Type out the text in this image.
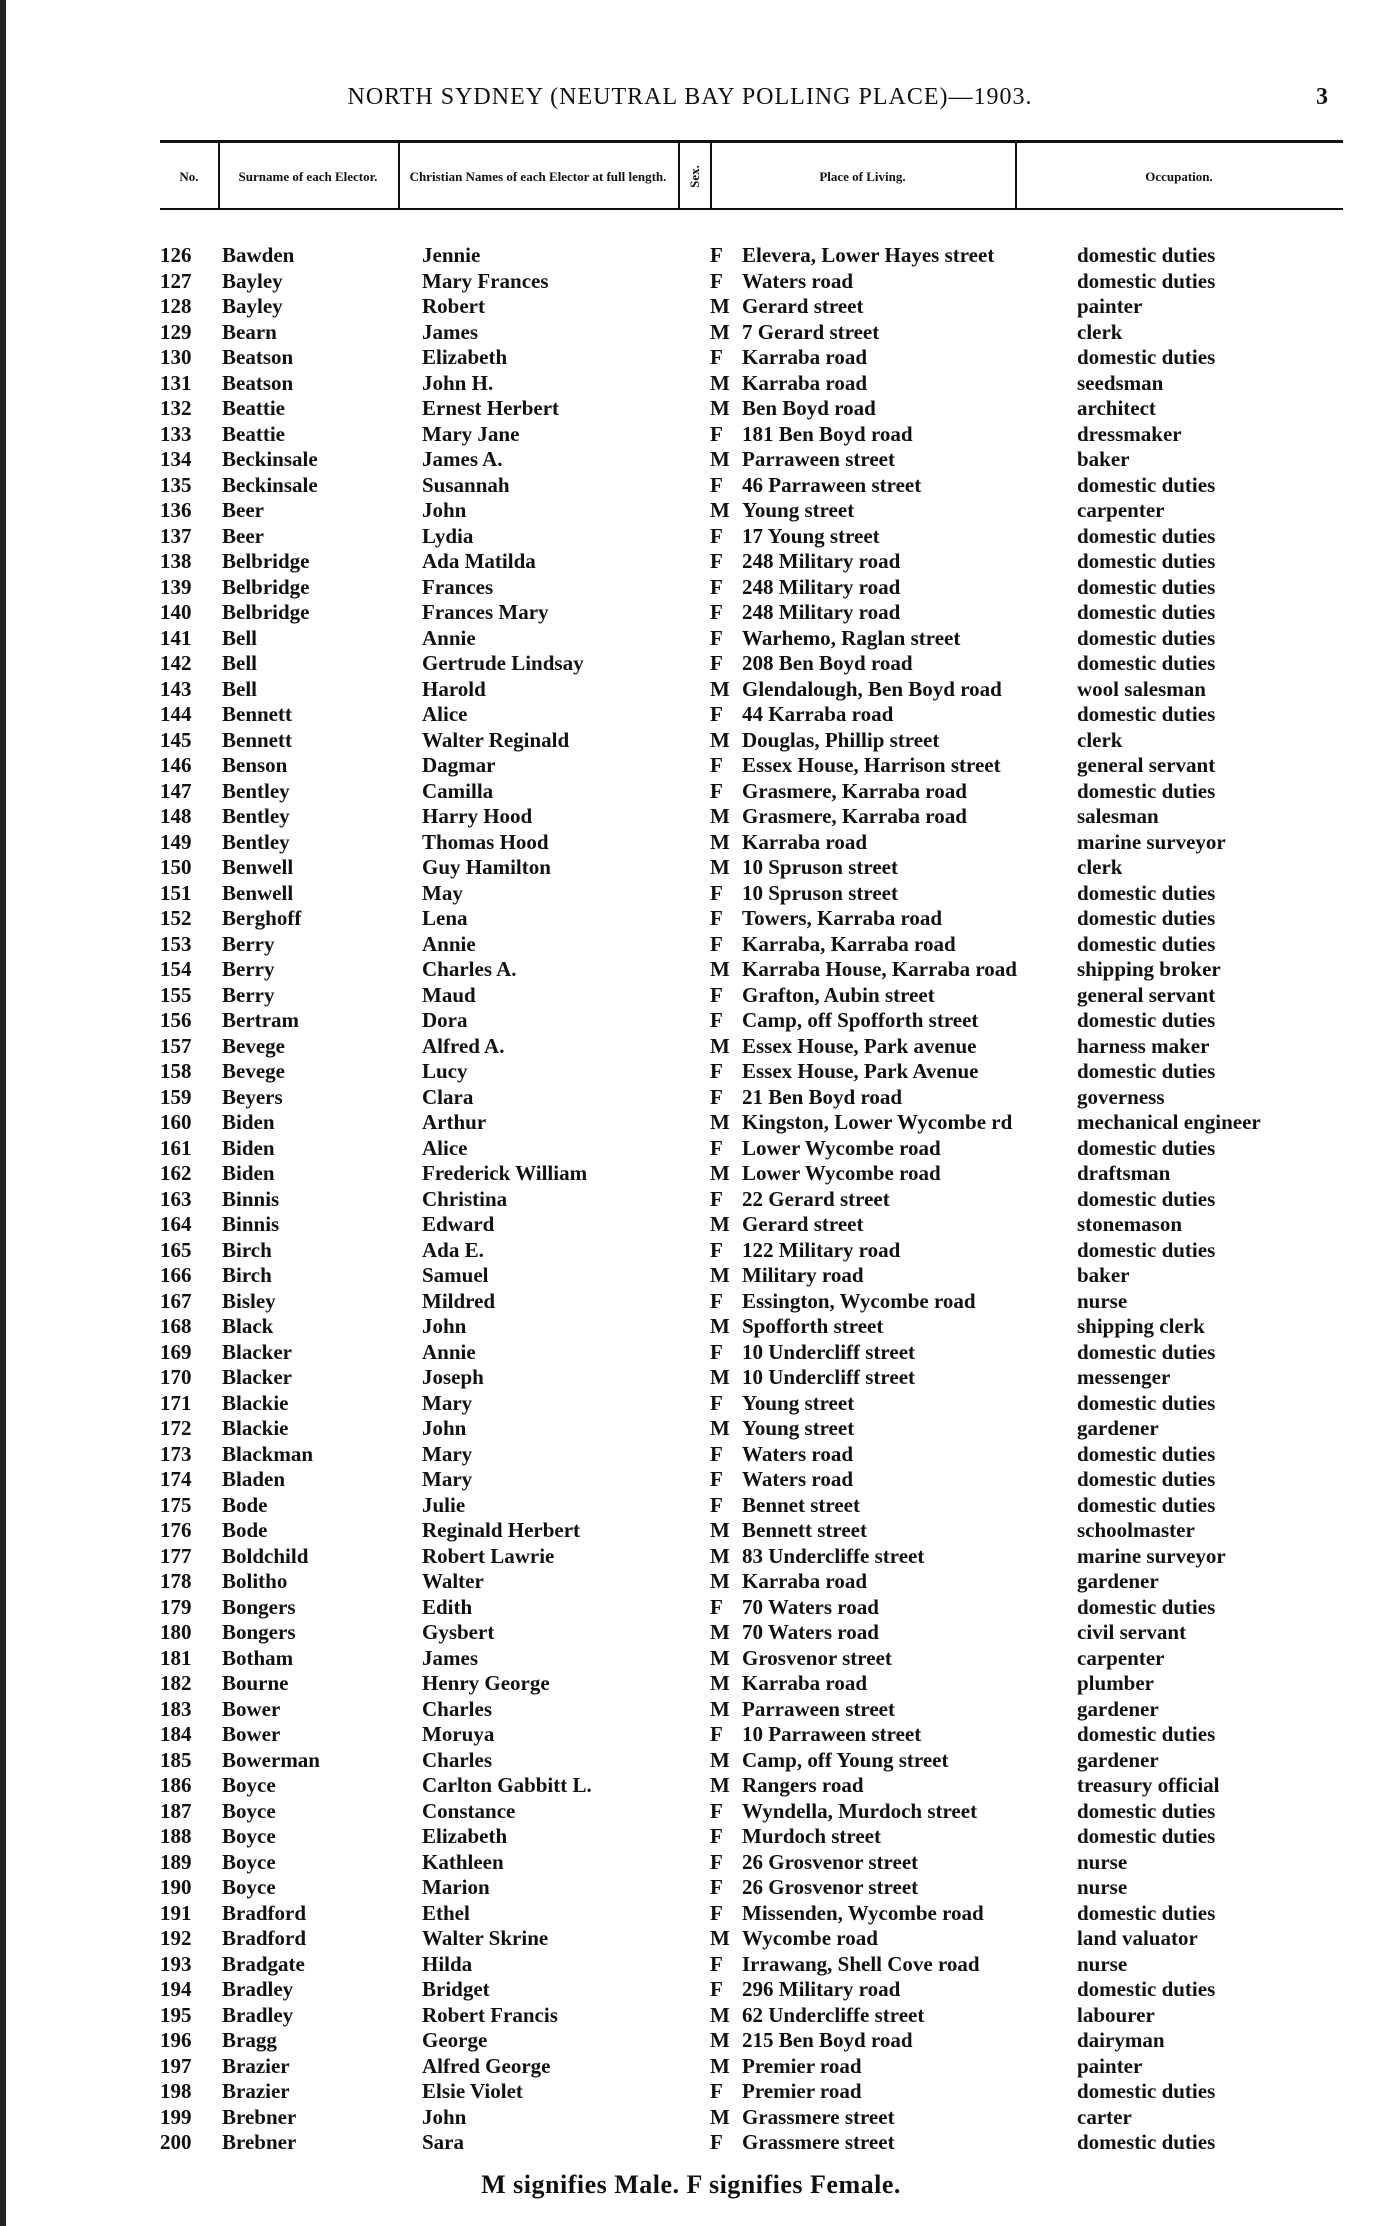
NORTH SYDNEY (NEUTRAL BAY POLLING PLACE)—1903.	3
No.	Surname of each Elector.	Christian Names of each Elector at full length.	Sex.	Place of Living.	Occupation.
126	Bawden	Jennie	F Elevera, Lower Hayes street	domestic duties
127	Bayley	Mary Frances	F Waters road	domestic duties
128	Bayley	Robert	M Gerard street	painter
129	Bearn	James	M 7 Gerard street	clerk
130	Beatson	Elizabeth	F Karraba road	domestic duties
131	Beatson	John H.	M Karraba road	seedsman
132	Beattie	Ernest Herbert	M Ben Boyd road	architect
133	Beattie	Mary Jane	F 181 Ben Boyd road	dressmaker
134	Beckinsale	James A.	M Parraween street	baker
135	Beckinsale	Susannah	F 46 Parraween street	domestic duties
136	Beer	John	M Young street	carpenter
137	Beer	Lydia	F 17 Young street	domestic duties
138	Belbridge	Ada Matilda	F 248 Military road	domestic duties
139	Belbridge	Frances	F 248 Military road	domestic duties
140	Belbridge	Frances Mary	F 248 Military road	domestic duties
141	Bell	Annie	F Warhemo, Raglan street	domestic duties
142	Bell	Gertrude Lindsay	F 208 Ben Boyd road	domestic duties
143	Bell	Harold	M Glendalough, Ben Boyd road	wool salesman
144	Bennett	Alice	F 44 Karraba road	domestic duties
145	Bennett	Walter Reginald	M Douglas, Phillip street	clerk
146	Benson	Dagmar	F Essex House, Harrison street	general servant
147	Bentley	Camilla	F Grasmere, Karraba road	domestic duties
148	Bentley	Harry Hood	M Grasmere, Karraba road	salesman
149	Bentley	Thomas Hood	M Karraba road	marine surveyor
150	Benwell	Guy Hamilton	M 10 Spruson street	clerk
151	Benwell	May	F 10 Spruson street	domestic duties
152	Berghoff	Lena	F Towers, Karraba road	domestic duties
153	Berry	Annie	F Karraba, Karraba road	domestic duties
154	Berry	Charles A.	M Karraba House, Karraba road	shipping broker
155	Berry	Maud	F Grafton, Aubin street	general servant
156	Bertram	Dora	F Camp, off Spofforth street	domestic duties
157	Bevege	Alfred A.	M Essex House, Park avenue	harness maker
158	Bevege	Lucy	F Essex House, Park Avenue	domestic duties
159	Beyers	Clara	F 21 Ben Boyd road	governess
160	Biden	Arthur	M Kingston, Lower Wycombe rd	mechanical engineer
161	Biden	Alice	F Lower Wycombe road	domestic duties
162	Biden	Frederick William	M Lower Wycombe road	draftsman
163	Binnis	Christina	F 22 Gerard street	domestic duties
164	Binnis	Edward	M Gerard street	stonemason
165	Birch	Ada E.	F 122 Military road	domestic duties
166	Birch	Samuel	M Military road	baker
167	Bisley	Mildred	F Essington, Wycombe road	nurse
168	Black	John	M Spofforth street	shipping clerk
169	Blacker	Annie	F 10 Undercliff street	domestic duties
170	Blacker	Joseph	M 10 Undercliff street	messenger
171	Blackie	Mary	F Young street	domestic duties
172	Blackie	John	M Young street	gardener
173	Blackman	Mary	F Waters road	domestic duties
174	Bladen	Mary	F Waters road	domestic duties
175	Bode	Julie	F Bennet street	domestic duties
176	Bode	Reginald Herbert	M Bennett street	schoolmaster
177	Boldchild	Robert Lawrie	M 83 Undercliffe street	marine surveyor
178	Bolitho	Walter	M Karraba road	gardener
179	Bongers	Edith	F 70 Waters road	domestic duties
180	Bongers	Gysbert	M 70 Waters road	civil servant
181	Botham	James	M Grosvenor street	carpenter
182	Bourne	Henry George	M Karraba road	plumber
183	Bower	Charles	M Parraween street	gardener
184	Bower	Moruya	F 10 Parraween street	domestic duties
185	Bowerman	Charles	M Camp, off Young street	gardener
186	Boyce	Carlton Gabbitt L.	M Rangers road	treasury official
187	Boyce	Constance	F Wyndella, Murdoch street	domestic duties
188	Boyce	Elizabeth	F Murdoch street	domestic duties
189	Boyce	Kathleen	F 26 Grosvenor street	nurse
190	Boyce	Marion	F 26 Grosvenor street	nurse
191	Bradford	Ethel	F Missenden, Wycombe road	domestic duties
192	Bradford	Walter Skrine	M Wycombe road	land valuator
193	Bradgate	Hilda	F Irrawang, Shell Cove road	nurse
194	Bradley	Bridget	F 296 Military road	domestic duties
195	Bradley	Robert Francis	M 62 Undercliffe street	labourer
196	Bragg	George	M 215 Ben Boyd road	dairyman
197	Brazier	Alfred George	M Premier road	painter
198	Brazier	Elsie Violet	F Premier road	domestic duties
199	Brebner	John	M Grassmere street	carter
200	Brebner	Sara	F Grassmere street	domestic duties
M signifies Male. F signifies Female.
